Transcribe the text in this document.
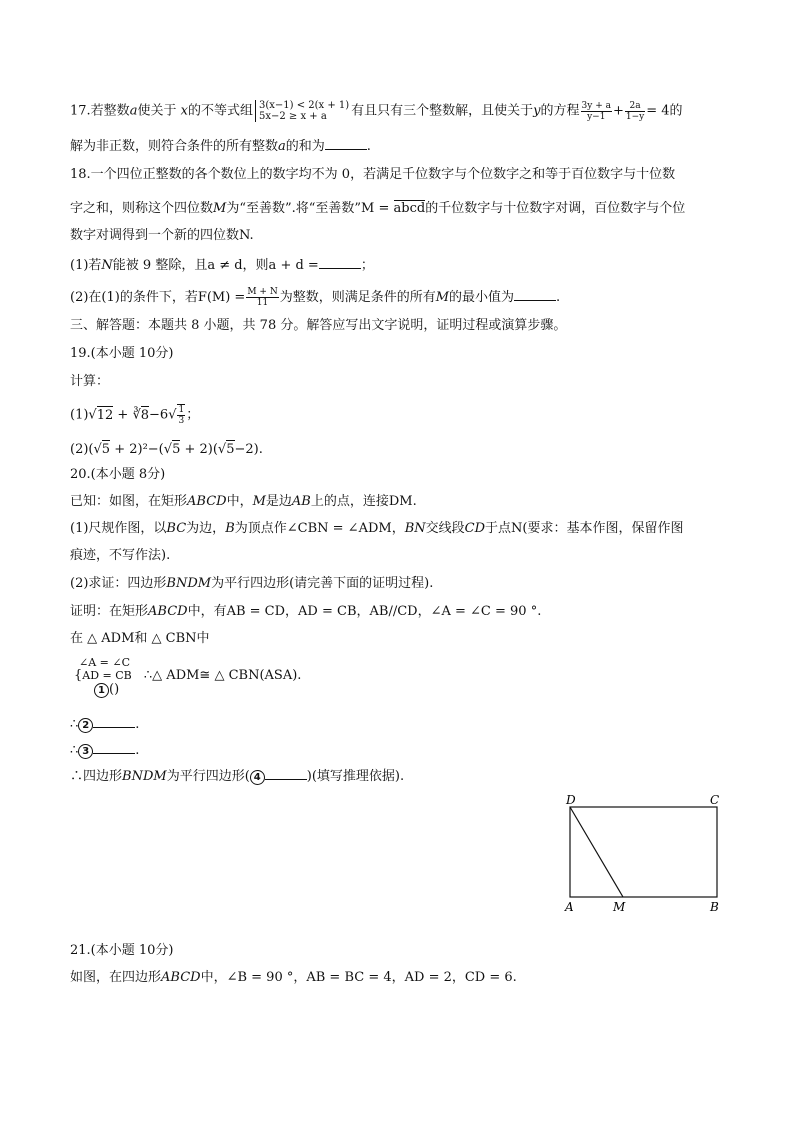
17.若整数a使关于 x的不等式组 3(x−1) < 2(x + 1)
5x−2 ≥ x + a	有且只有三个整数解，且使关于y的方程 $\frac{3y + a}{y-1} + \frac{2a}{1-y} = 4$的
解为非正数，则符合条件的所有整数a的和为	.
18.一个四位正整数的各个数位上的数字均不为 0，若满足千位数字与个位数字之和等于百位数字与十位数
字之和，则称这个四位数M为“至善数”.将“至善数”M = abcd的千位数字与十位数字对调，百位数字与个位
数字对调得到一个新的四位数N.
(1)若N能被 9 整除，且a ≠ d，则a + d =	；
(2)在(1)的条件下，若$F(M) = \frac{M + N}{11}$ 为整数，则满足条件的所有M的最小值为	.
三、解答题：本题共 8 小题，共 78 分。解答应写出文字说明，证明过程或演算步骤。
19.(本小题 10分)
计算：
(1)√12 + ∛8−6√ $\frac{1}{3}$ ；
(2)(√5 + 2)²−(√5 + 2)(√5−2).
20.(本小题 8分)
已知：如图，在矩形ABCD中，M是边AB上的点，连接DM.
(1)尺规作图，以BC为边，B为顶点作∠CBN = ∠ADM，BN交线段CD于点N(要求：基本作图，保留作图
痕迹，不写作法).
(2)求证：四边形BNDM为平行四边形(请完善下面的证明过程).
证明：在矩形ABCD中，有AB = CD，AD = CB，AB//CD，∠A = ∠C = 90 °.
在 △ ADM和 △ CBN中
∠A = ∠C
{AD = CB ∴△ ADM≅ △ CBN(ASA).
1 ()
∴ 2	.
∴ 3	.
∴四边形BNDM为平行四边形( 4	)(填写推理依据).
D	C
A	M	B
21.(本小题 10分)
如图，在四边形ABCD中，∠B = 90 °，AB = BC = 4，AD = 2，CD = 6.
